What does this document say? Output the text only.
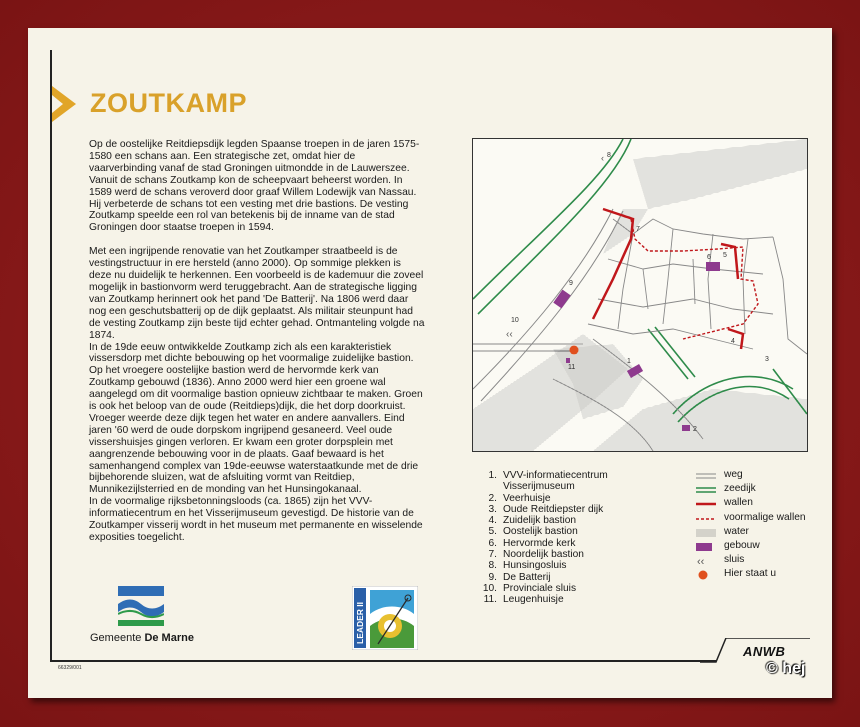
ZOUTKAMP

Op de oostelijke Reitdiepsdijk legden Spaanse troepen in de jaren 1575-1580 een schans aan. Een strategische zet, omdat hier de vaarverbinding vanaf de stad Groningen uitmondde in de Lauwerszee. Vanuit de schans Zoutkamp kon de scheepvaart beheerst worden. In 1589 werd de schans veroverd door graaf Willem Lodewijk van Nassau. Hij verbeterde de schans tot een vesting met drie bastions. De vesting Zoutkamp speelde een rol van betekenis bij de inname van de stad Groningen door staatse troepen in 1594.

Met een ingrijpende renovatie van het Zoutkamper straatbeeld is de vestingstructuur in ere hersteld (anno 2000). Op sommige plekken is deze nu duidelijk te herkennen. Een voorbeeld is de kademuur die zoveel mogelijk in bastionvorm werd teruggebracht. Aan de strategische ligging van Zoutkamp herinnert ook het pand 'De Batterij'. Na 1806 werd daar nog een geschutsbatterij op de dijk geplaatst. Als militair steunpunt had de vesting Zoutkamp zijn beste tijd echter gehad. Ontmanteling volgde na 1874.

In de 19de eeuw ontwikkelde Zoutkamp zich als een karakteristiek vissersdorp met dichte bebouwing op het voormalige zuidelijke bastion. Op het vroegere oostelijke bastion werd de hervormde kerk van Zoutkamp gebouwd (1836). Anno 2000 werd hier een groene wal aangelegd om dit voormalige bastion opnieuw zichtbaar te maken. Groen is ook het beloop van de oude (Reitdieps)dijk, die het dorp doorkruist. Vroeger weerde deze dijk tegen het water en andere aanvallers. Eind jaren '60 werd de oude dorpskom ingrijpend gesaneerd. Veel oude vissershuisjes gingen verloren. Er kwam een groter dorpsplein met aangrenzende bebouwing voor in de plaats. Gaaf bewaard is het samenhangend complex van 19de-eeuwse waterstaatkunde met de drie bijbehorende sluizen, wat de afsluiting vormt van Reitdiep, Munnikezijlsterried en de monding van het Hunsingokanaal.

In de voormalige rijksbetonningsloods (ca. 1865) zijn het VVV-informatiecentrum en het Visserijmuseum gevestigd. De historie van de Zoutkamper visserij wordt in het museum met permanente en wisselende exposities toegelicht.

‹‹
‹
1
2
3
4
5
6
7
8
9
10
11
1. VVV-informatiecentrum
Visserijmuseum
2. Veerhuisje
3. Oude Reitdiepster dijk
4. Zuidelijk bastion
5. Oostelijk bastion
6. Hervormde kerk
7. Noordelijk bastion
8. Hunsingosluis
9. De Batterij
10. Provinciale sluis
11. Leugenhuisje
weg
zeedijk
wallen
voormalige wallen
water
gebouw
‹‹ sluis
Hier staat u
Gemeente De Marne	LEADER II
66329/001
ANWB
© hej
